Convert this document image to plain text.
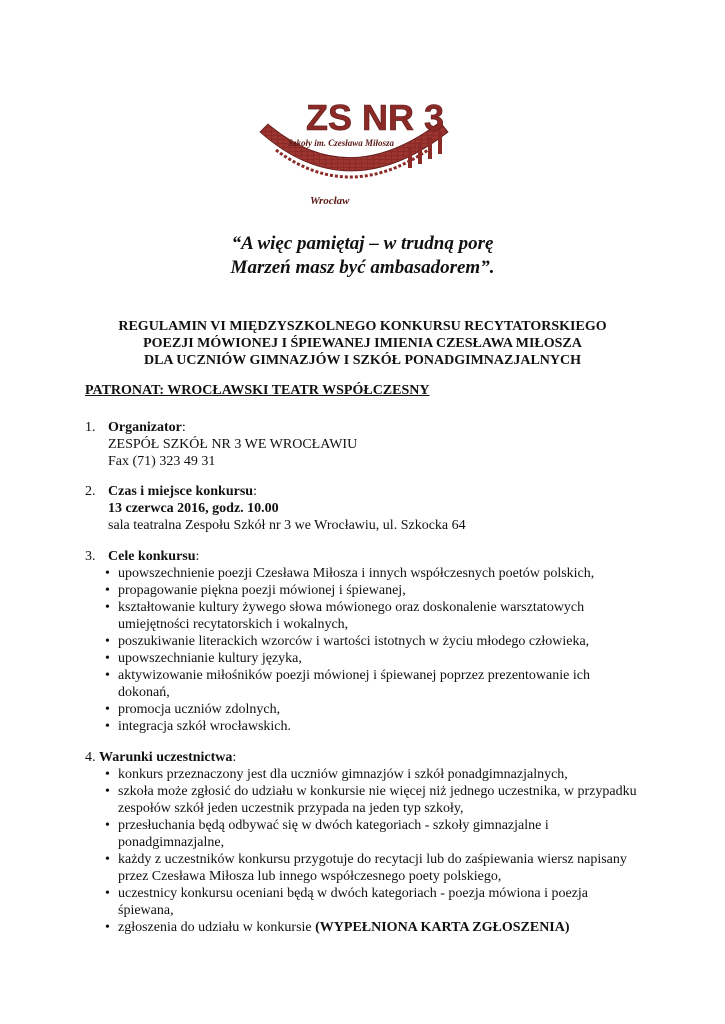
ZS NR 3
Szkoły im. Czesława Miłosza
Wrocław
“A więc pamiętaj – w trudną porę
Marzeń masz być ambasadorem”.
REGULAMIN VI MIĘDZYSZKOLNEGO KONKURSU RECYTATORSKIEGO
POEZJI MÓWIONEJ I ŚPIEWANEJ IMIENIA CZESŁAWA MIŁOSZA
DLA UCZNIÓW GIMNAZJÓW I SZKÓŁ PONADGIMNAZJALNYCH
PATRONAT: WROCŁAWSKI TEATR WSPÓŁCZESNY
1. Organizator:
ZESPÓŁ SZKÓŁ NR 3 WE WROCŁAWIU
Fax (71) 323 49 31
2. Czas i miejsce konkursu:
13 czerwca 2016, godz. 10.00
sala teatralna Zespołu Szkół nr 3 we Wrocławiu, ul. Szkocka 64
3. Cele konkursu:
• upowszechnienie poezji Czesława Miłosza i innych współczesnych poetów polskich,
• propagowanie piękna poezji mówionej i śpiewanej,
• kształtowanie kultury żywego słowa mówionego oraz doskonalenie warsztatowych umiejętności recytatorskich i wokalnych,
• poszukiwanie literackich wzorców i wartości istotnych w życiu młodego człowieka,
• upowszechnianie kultury języka,
• aktywizowanie miłośników poezji mówionej i śpiewanej poprzez prezentowanie ich dokonań,
• promocja uczniów zdolnych,
• integracja szkół wrocławskich.
4. Warunki uczestnictwa:
• konkurs przeznaczony jest dla uczniów gimnazjów i szkół ponadgimnazjalnych,
• szkoła może zgłosić do udziału w konkursie nie więcej niż jednego uczestnika, w przypadku zespołów szkół jeden uczestnik przypada na jeden typ szkoły,
• przesłuchania będą odbywać się w dwóch kategoriach - szkoły gimnazjalne i ponadgimnazjalne,
• każdy z uczestników konkursu przygotuje do recytacji lub do zaśpiewania wiersz napisany przez Czesława Miłosza lub innego współczesnego poety polskiego,
• uczestnicy konkursu oceniani będą w dwóch kategoriach - poezja mówiona i poezja śpiewana,
• zgłoszenia do udziału w konkursie (WYPEŁNIONA KARTA ZGŁOSZENIA)
